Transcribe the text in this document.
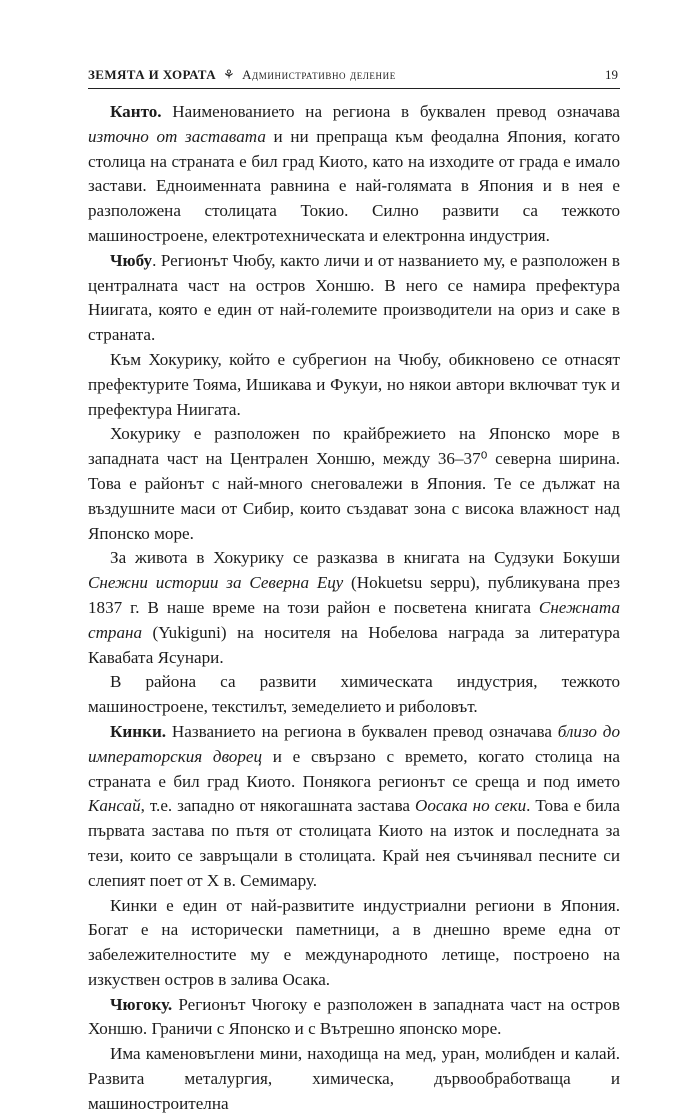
ЗЕМЯТА И ХОРАТА ⚘ Административно деление	19

Канто. Наименованието на региона в буквален превод означава източно от заставата и ни препраща към феодална Япония, когато столица на страната е бил град Киото, като на изходите от града е имало застави. Едноименната равнина е най-голямата в Япония и в нея е разположена столицата Токио. Силно развити са тежкото машиностроене, електротехническата и електронна индустрия.

Чюбу. Регионът Чюбу, както личи и от названието му, е разположен в централната част на остров Хоншю. В него се намира префектура Ниигата, която е един от най-големите производители на ориз и саке в страната.

Към Хокурику, който е субрегион на Чюбу, обикновено се отнасят префектурите Тояма, Ишикава и Фукуи, но някои автори включват тук и префектура Ниигата.

Хокурику е разположен по крайбрежието на Японско море в западната част на Централен Хоншю, между 36–37⁰ северна ширина. Това е районът с най-много снеговалежи в Япония. Те се дължат на въздушните маси от Сибир, които създават зона с висока влажност над Японско море.

За живота в Хокурику се разказва в книгата на Судзуки Бокуши Снежни истории за Северна Ецу (Hokuetsu seppu), публикувана през 1837 г. В наше време на този район е посветена книгата Снежната страна (Yukiguni) на носителя на Нобелова награда за литература Кавабата Ясунари.

В района са развити химическата индустрия, тежкото машиностроене, текстилът, земеделието и риболовът.

Кинки. Названието на региона в буквален превод означава близо до императорския дворец и е свързано с времето, когато столица на страната е бил град Киото. Понякога регионът се среща и под името Кансай, т.е. западно от някогашната застава Оосака но секи. Това е била първата застава по пътя от столицата Киото на изток и последната за тези, които се завръщали в столицата. Край нея съчинявал песните си слепият поет от Х в. Семимару.

Кинки е един от най-развитите индустриални региони в Япония. Богат е на исторически паметници, а в днешно време една от забележителностите му е международното летище, построено на изкуствен остров в залива Осака.

Чюгоку. Регионът Чюгоку е разположен в западната част на остров Хоншю. Граничи с Японско и с Вътрешно японско море.

Има каменовъглени мини, находища на мед, уран, молибден и калай. Развита металургия, химическа, дървообработваща и машиностроителна
